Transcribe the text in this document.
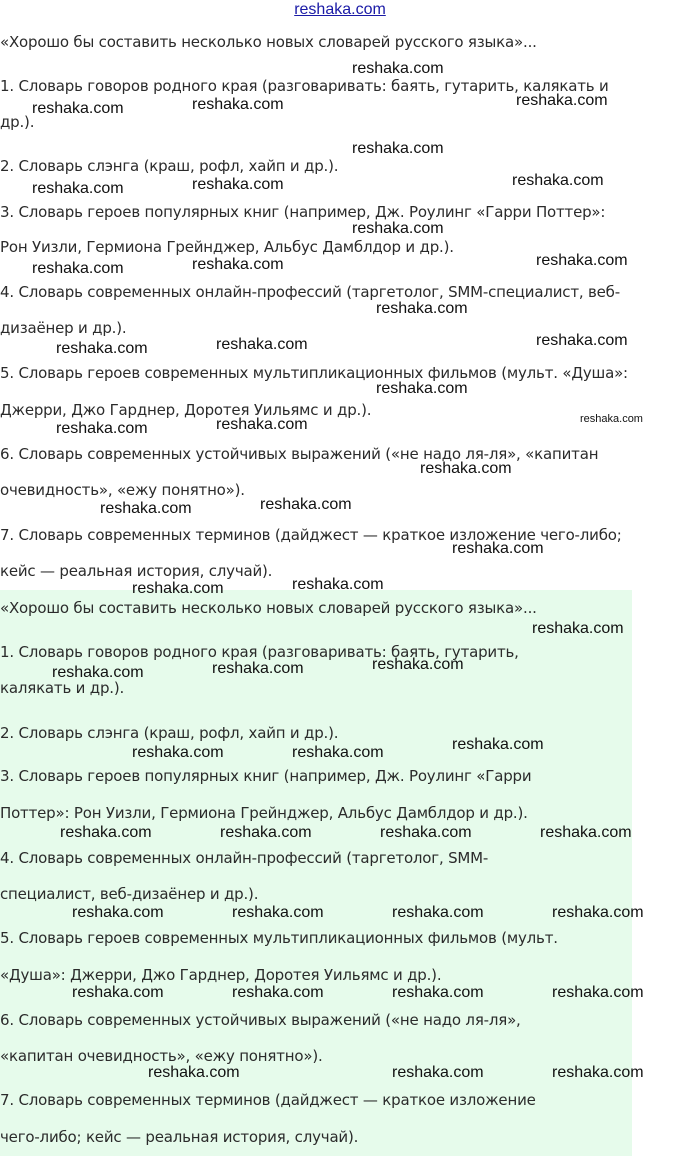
reshaka.com
«Хорошо бы составить несколько новых словарей русского языка»...
1. Словарь говоров родного края (разговаривать: баять, гутарить, калякать и
др.).
2. Словарь слэнга (краш, рофл, хайп и др.).
3. Словарь героев популярных книг (например, Дж. Роулинг «Гарри Поттер»:
Рон Уизли, Гермиона Грейнджер, Альбус Дамблдор и др.).
4. Словарь современных онлайн-профессий (таргетолог, SMM-специалист, веб-
дизаёнер и др.).
5. Словарь героев современных мультипликационных фильмов (мульт. «Душа»:
Джерри, Джо Гарднер, Доротея Уильямс и др.).
6. Словарь современных устойчивых выражений («не надо ля-ля», «капитан
очевидность», «ежу понятно»).
7. Словарь современных терминов (дайджест — краткое изложение чего-либо;
кейс — реальная история, случай).
«Хорошо бы составить несколько новых словарей русского языка»...
1. Словарь говоров родного края (разговаривать: баять, гутарить,
калякать и др.).
2. Словарь слэнга (краш, рофл, хайп и др.).
3. Словарь героев популярных книг (например, Дж. Роулинг «Гарри
Поттер»: Рон Уизли, Гермиона Грейнджер, Альбус Дамблдор и др.).
4. Словарь современных онлайн-профессий (таргетолог, SMM-
специалист, веб-дизаёнер и др.).
5. Словарь героев современных мультипликационных фильмов (мульт.
«Душа»: Джерри, Джо Гарднер, Доротея Уильямс и др.).
6. Словарь современных устойчивых выражений («не надо ля-ля»,
«капитан очевидность», «ежу понятно»).
7. Словарь современных терминов (дайджест — краткое изложение
чего-либо; кейс — реальная история, случай).
reshaka.com
reshaka.com	reshaka.com	reshaka.com
reshaka.com
reshaka.com	reshaka.com	reshaka.com
reshaka.com
reshaka.com	reshaka.com	reshaka.com
reshaka.com
reshaka.com	reshaka.com	reshaka.com
reshaka.com
reshaka.com	reshaka.com	reshaka.com
reshaka.com
reshaka.com	reshaka.com
reshaka.com
reshaka.com	reshaka.com
reshaka.com
reshaka.com	reshaka.com	reshaka.com
reshaka.com	reshaka.com	reshaka.com
reshaka.com	reshaka.com	reshaka.com	reshaka.com
reshaka.com	reshaka.com	reshaka.com	reshaka.com
reshaka.com	reshaka.com	reshaka.com	reshaka.com
reshaka.com	reshaka.com	reshaka.com
